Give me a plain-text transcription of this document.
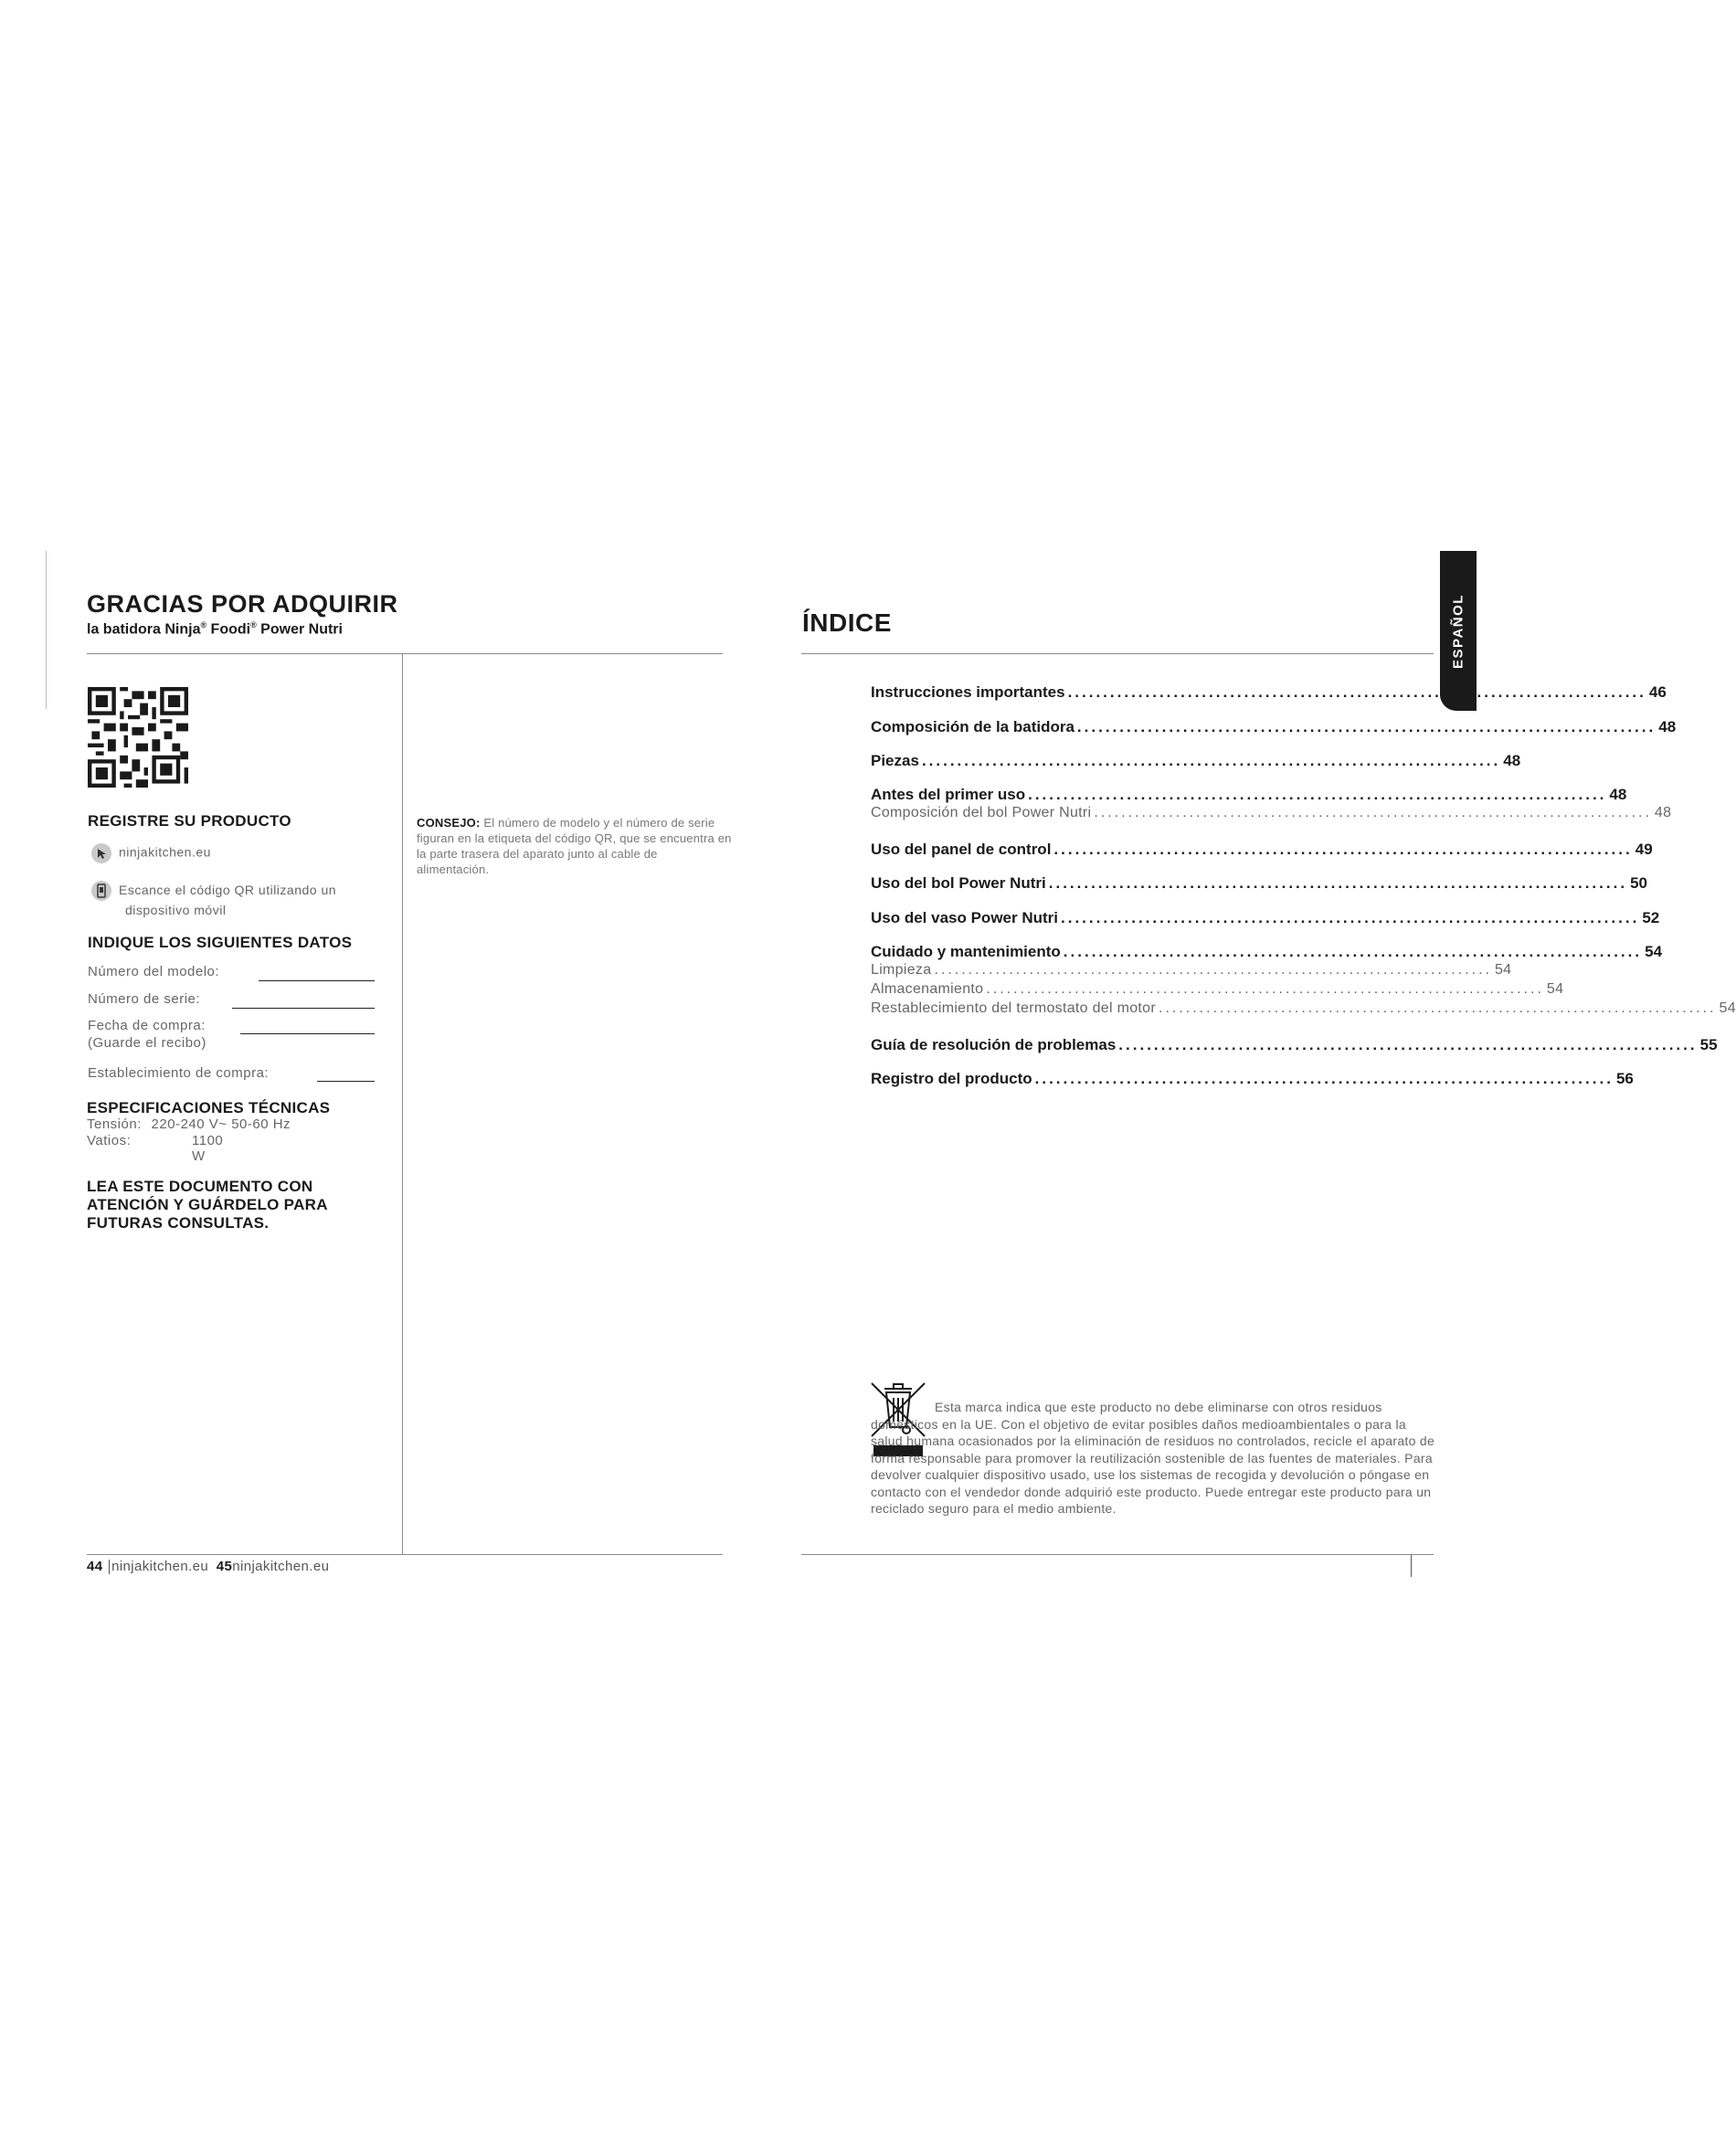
GRACIAS POR ADQUIRIR
la batidora Ninja® Foodi® Power Nutri
REGISTRE SU PRODUCTO
ninjakitchen.eu
Escance el código QR utilizando un
dispositivo móvil
INDIQUE LOS SIGUIENTES DATOS
Número del modelo:
Número de serie:
Fecha de compra:
(Guarde el recibo)
Establecimiento de compra:
ESPECIFICACIONES TÉCNICAS
Tensión: 220-240 V~ 50-60 Hz
Vatios:	1100 W
LEA ESTE DOCUMENTO CON
ATENCIÓN Y GUÁRDELO PARA
FUTURAS CONSULTAS.
CONSEJO: El número de modelo y el número de serie figuran en la etiqueta del código QR, que se encuentra en la parte trasera del aparato junto al cable de alimentación.
44 ninjakitchen.eu 45ninjakitchen.eu
ÍNDICE	ESPAÑOL
Instrucciones importantes .................................................................................. 46
Composición de la batidora .................................................................................. 48
Piezas .................................................................................. 48
Antes del primer uso .................................................................................. 48
Composición del bol Power Nutri .................................................................................. 48
Uso del panel de control .................................................................................. 49
Uso del bol Power Nutri .................................................................................. 50
Uso del vaso Power Nutri .................................................................................. 52
Cuidado y mantenimiento .................................................................................. 54
Limpieza .................................................................................. 54
Almacenamiento .................................................................................. 54
Restablecimiento del termostato del motor .................................................................................. 54
Guía de resolución de problemas .................................................................................. 55
Registro del producto .................................................................................. 56
Esta marca indica que este producto no debe eliminarse con otros residuos domésticos en la UE. Con el objetivo de evitar posibles daños medioambientales o para la salud humana ocasionados por la eliminación de residuos no controlados, recicle el aparato de forma responsable para promover la reutilización sostenible de las fuentes de materiales. Para devolver cualquier dispositivo usado, use los sistemas de recogida y devolución o póngase en contacto con el vendedor donde adquirió este producto. Puede entregar este producto para un reciclado seguro para el medio ambiente.
